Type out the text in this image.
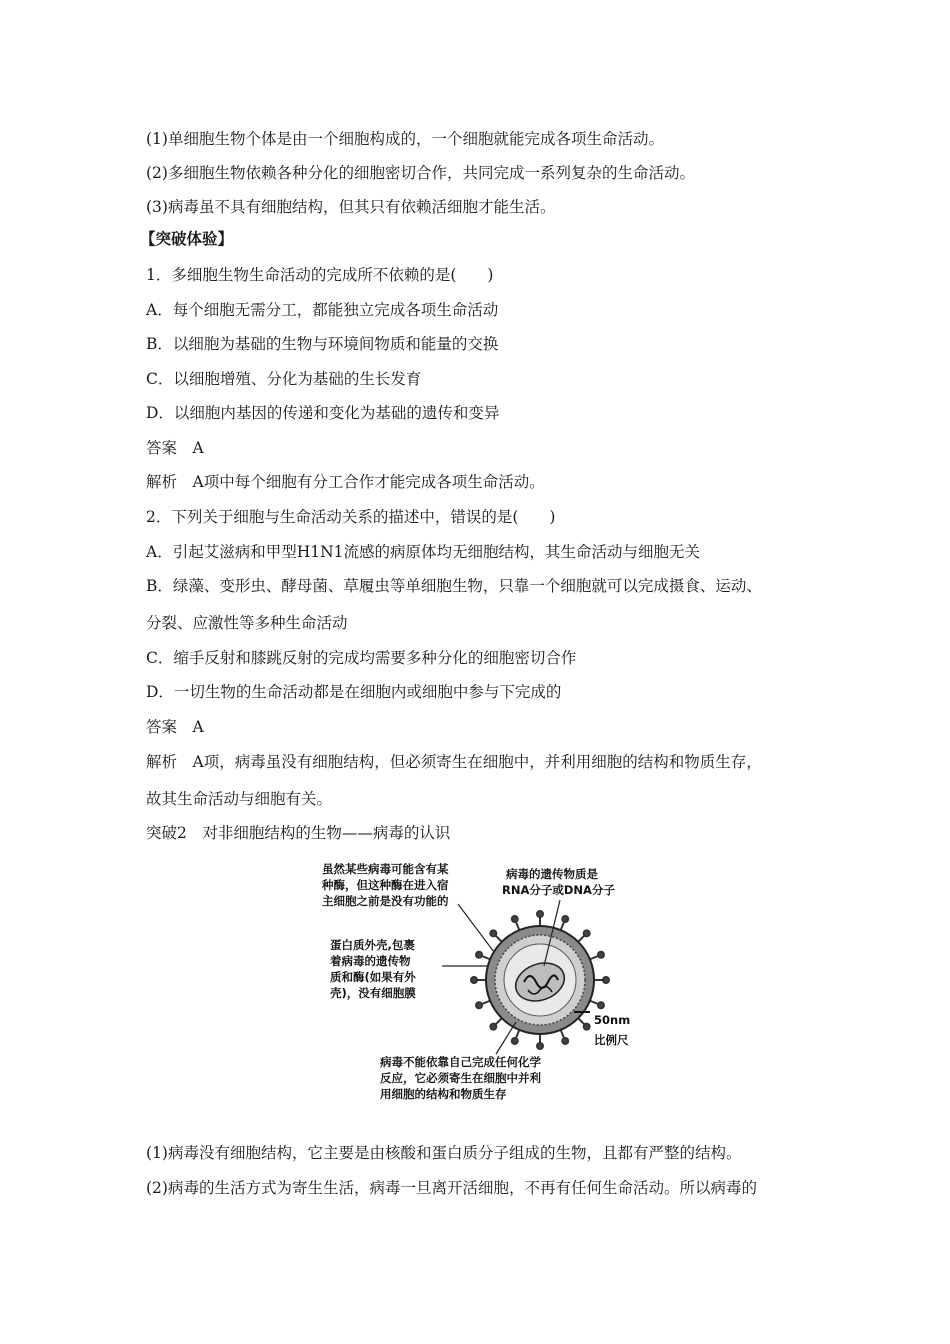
(1)单细胞生物个体是由一个细胞构成的，一个细胞就能完成各项生命活动。
(2)多细胞生物依赖各种分化的细胞密切合作，共同完成一系列复杂的生命活动。
(3)病毒虽不具有细胞结构，但其只有依赖活细胞才能生活。
【突破体验】
1．多细胞生物生命活动的完成所不依赖的是(　　)
A．每个细胞无需分工，都能独立完成各项生命活动
B．以细胞为基础的生物与环境间物质和能量的交换
C．以细胞增殖、分化为基础的生长发育
D．以细胞内基因的传递和变化为基础的遗传和变异
答案　A
解析　A项中每个细胞有分工合作才能完成各项生命活动。
2．下列关于细胞与生命活动关系的描述中，错误的是(　　)
A．引起艾滋病和甲型H1N1流感的病原体均无细胞结构，其生命活动与细胞无关
B．绿藻、变形虫、酵母菌、草履虫等单细胞生物，只靠一个细胞就可以完成摄食、运动、
分裂、应激性等多种生命活动
C．缩手反射和膝跳反射的完成均需要多种分化的细胞密切合作
D．一切生物的生命活动都是在细胞内或细胞中参与下完成的
答案　A
解析　A项，病毒虽没有细胞结构，但必须寄生在细胞中，并利用细胞的结构和物质生存，
故其生命活动与细胞有关。
突破2　对非细胞结构的生物——病毒的认识
虽然某些病毒可能含有某
种酶，但这种酶在进入宿
主细胞之前是没有功能的
病毒的遗传物质是
RNA分子或DNA分子
蛋白质外壳,包裹
着病毒的遗传物
质和酶(如果有外
壳)，没有细胞膜
50nm
比例尺
病毒不能依靠自己完成任何化学
反应，它必须寄生在细胞中并利
用细胞的结构和物质生存
(1)病毒没有细胞结构，它主要是由核酸和蛋白质分子组成的生物，且都有严整的结构。
(2)病毒的生活方式为寄生生活，病毒一旦离开活细胞，不再有任何生命活动。所以病毒的
